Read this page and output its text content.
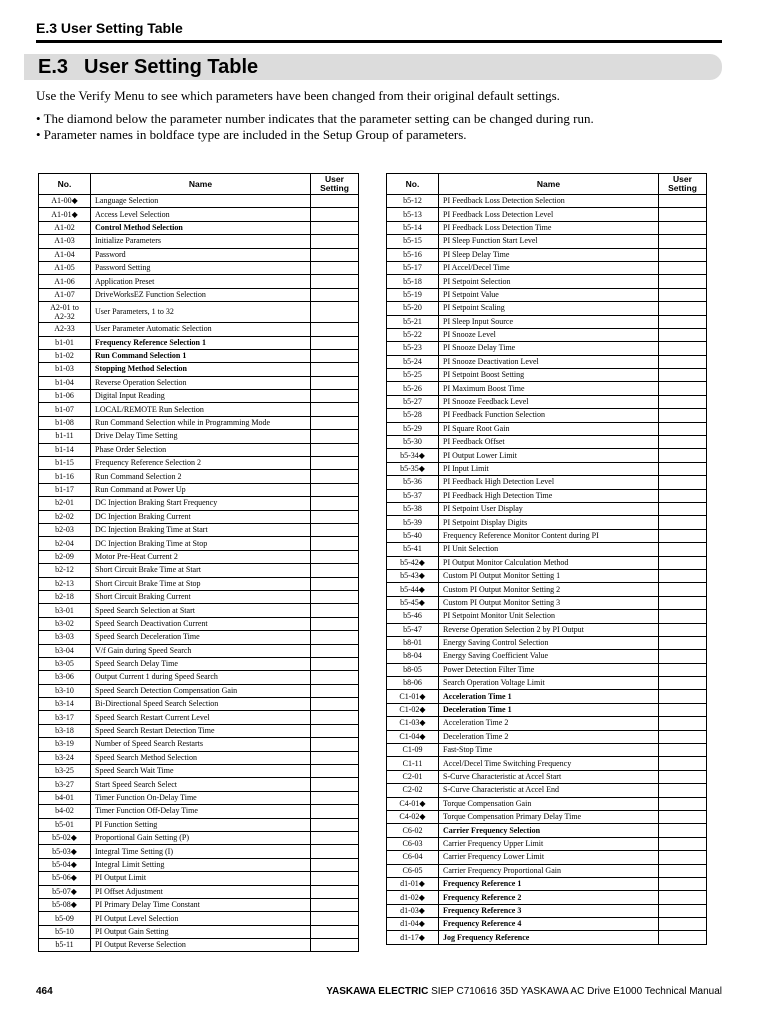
E.3 User Setting Table
E.3 User Setting Table
Use the Verify Menu to see which parameters have been changed from their original default settings.
• The diamond below the parameter number indicates that the parameter setting can be changed during run.
• Parameter names in boldface type are included in the Setup Group of parameters.
No.	Name	User
Setting
A1-00◆	Language Selection	
A1-01◆	Access Level Selection	
A1-02	Control Method Selection	
A1-03	Initialize Parameters	
A1-04	Password	
A1-05	Password Setting	
A1-06	Application Preset	
A1-07	DriveWorksEZ Function Selection	
A2-01 to
A2-32	User Parameters, 1 to 32	
A2-33	User Parameter Automatic Selection	
b1-01	Frequency Reference Selection 1	
b1-02	Run Command Selection 1	
b1-03	Stopping Method Selection	
b1-04	Reverse Operation Selection	
b1-06	Digital Input Reading	
b1-07	LOCAL/REMOTE Run Selection	
b1-08	Run Command Selection while in Programming Mode	
b1-11	Drive Delay Time Setting	
b1-14	Phase Order Selection	
b1-15	Frequency Reference Selection 2	
b1-16	Run Command Selection 2	
b1-17	Run Command at Power Up	
b2-01	DC Injection Braking Start Frequency	
b2-02	DC Injection Braking Current	
b2-03	DC Injection Braking Time at Start	
b2-04	DC Injection Braking Time at Stop	
b2-09	Motor Pre-Heat Current 2	
b2-12	Short Circuit Brake Time at Start	
b2-13	Short Circuit Brake Time at Stop	
b2-18	Short Circuit Braking Current	
b3-01	Speed Search Selection at Start	
b3-02	Speed Search Deactivation Current	
b3-03	Speed Search Deceleration Time	
b3-04	V/f Gain during Speed Search	
b3-05	Speed Search Delay Time	
b3-06	Output Current 1 during Speed Search	
b3-10	Speed Search Detection Compensation Gain	
b3-14	Bi-Directional Speed Search Selection	
b3-17	Speed Search Restart Current Level	
b3-18	Speed Search Restart Detection Time	
b3-19	Number of Speed Search Restarts	
b3-24	Speed Search Method Selection	
b3-25	Speed Search Wait Time	
b3-27	Start Speed Search Select	
b4-01	Timer Function On-Delay Time	
b4-02	Timer Function Off-Delay Time	
b5-01	PI Function Setting	
b5-02◆	Proportional Gain Setting (P)	
b5-03◆	Integral Time Setting (I)	
b5-04◆	Integral Limit Setting	
b5-06◆	PI Output Limit	
b5-07◆	PI Offset Adjustment	
b5-08◆	PI Primary Delay Time Constant	
b5-09	PI Output Level Selection	
b5-10	PI Output Gain Setting	
b5-11	PI Output Reverse Selection	
No.	Name	User
Setting
b5-12	PI Feedback Loss Detection Selection	
b5-13	PI Feedback Loss Detection Level	
b5-14	PI Feedback Loss Detection Time	
b5-15	PI Sleep Function Start Level	
b5-16	PI Sleep Delay Time	
b5-17	PI Accel/Decel Time	
b5-18	PI Setpoint Selection	
b5-19	PI Setpoint Value	
b5-20	PI Setpoint Scaling	
b5-21	PI Sleep Input Source	
b5-22	PI Snooze Level	
b5-23	PI Snooze Delay Time	
b5-24	PI Snooze Deactivation Level	
b5-25	PI Setpoint Boost Setting	
b5-26	PI Maximum Boost Time	
b5-27	PI Snooze Feedback Level	
b5-28	PI Feedback Function Selection	
b5-29	PI Square Root Gain	
b5-30	PI Feedback Offset	
b5-34◆	PI Output Lower Limit	
b5-35◆	PI Input Limit	
b5-36	PI Feedback High Detection Level	
b5-37	PI Feedback High Detection Time	
b5-38	PI Setpoint User Display	
b5-39	PI Setpoint Display Digits	
b5-40	Frequency Reference Monitor Content during PI	
b5-41	PI Unit Selection	
b5-42◆	PI Output Monitor Calculation Method	
b5-43◆	Custom PI Output Monitor Setting 1	
b5-44◆	Custom PI Output Monitor Setting 2	
b5-45◆	Custom PI Output Monitor Setting 3	
b5-46	PI Setpoint Monitor Unit Selection	
b5-47	Reverse Operation Selection 2 by PI Output	
b8-01	Energy Saving Control Selection	
b8-04	Energy Saving Coefficient Value	
b8-05	Power Detection Filter Time	
b8-06	Search Operation Voltage Limit	
C1-01◆	Acceleration Time 1	
C1-02◆	Deceleration Time 1	
C1-03◆	Acceleration Time 2	
C1-04◆	Deceleration Time 2	
C1-09	Fast-Stop Time	
C1-11	Accel/Decel Time Switching Frequency	
C2-01	S-Curve Characteristic at Accel Start	
C2-02	S-Curve Characteristic at Accel End	
C4-01◆	Torque Compensation Gain	
C4-02◆	Torque Compensation Primary Delay Time	
C6-02	Carrier Frequency Selection	
C6-03	Carrier Frequency Upper Limit	
C6-04	Carrier Frequency Lower Limit	
C6-05	Carrier Frequency Proportional Gain	
d1-01◆	Frequency Reference 1	
d1-02◆	Frequency Reference 2	
d1-03◆	Frequency Reference 3	
d1-04◆	Frequency Reference 4	
d1-17◆	Jog Frequency Reference	
464	YASKAWA ELECTRIC SIEP C710616 35D YASKAWA AC Drive E1000 Technical Manual
